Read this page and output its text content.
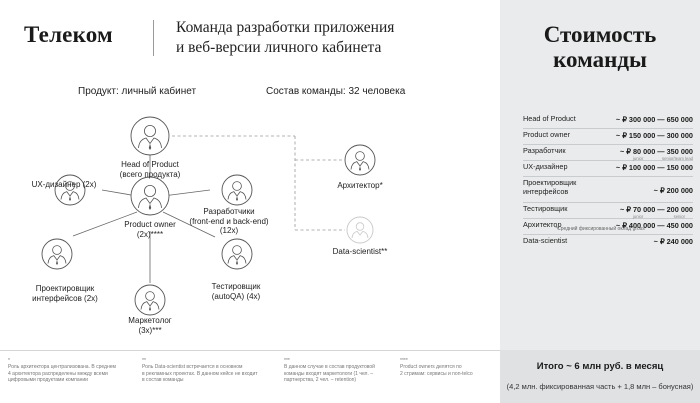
Телеком	Команда разработки приложения
и веб-версии личного кабинета
Продукт: личный кабинет	Состав команды: 32 человека
Head of Product
(всего продукта)
UX-дизайнер (2x)
Product owner
(2x)****
Разработчики
(front-end и back-end)
(12x)
Проектировщик
интерфейсов (2x)
Тестировщик
(autoQA) (4x)
Маркетолог
(3x)***
Архитектор*
Data-scientist**
*
Роль архитектора централизована. В среднем
4 архитектора распределены между всеми
цифровыми продуктами компании
**
Роль Data-scientist встречается в основном
в рекламных проектах. В данном кейсе не входит
в состав команды
***
В данном случае в состав продуктовой
команды входят маркетологи (1 чел. –
партнерства, 2 чел. – retention)
****
Product owners делятся по
2 стримам: сервисы и non-telco
Стоимость
команды
Head of Product	~ ₽ 300 000 — 650 000
Product owner	~ ₽ 150 000 — 300 000
Разработчик	~ ₽ 80 000 — 350 000
junior	senior/team lead
UX-дизайнер	~ ₽ 100 000 — 150 000
Проектировщик
интерфейсов	~ ₽ 200 000
Тестировщик	~ ₽ 70 000 — 200 000
junior	senior
Архитектор	~ ₽ 400 000 — 450 000
Data-scientist	~ ₽ 240 000
*Средний фиксированный оклад gross
Итого ~ 6 млн руб. в месяц
(4,2 млн. фиксированная часть + 1,8 млн – бонусная)
